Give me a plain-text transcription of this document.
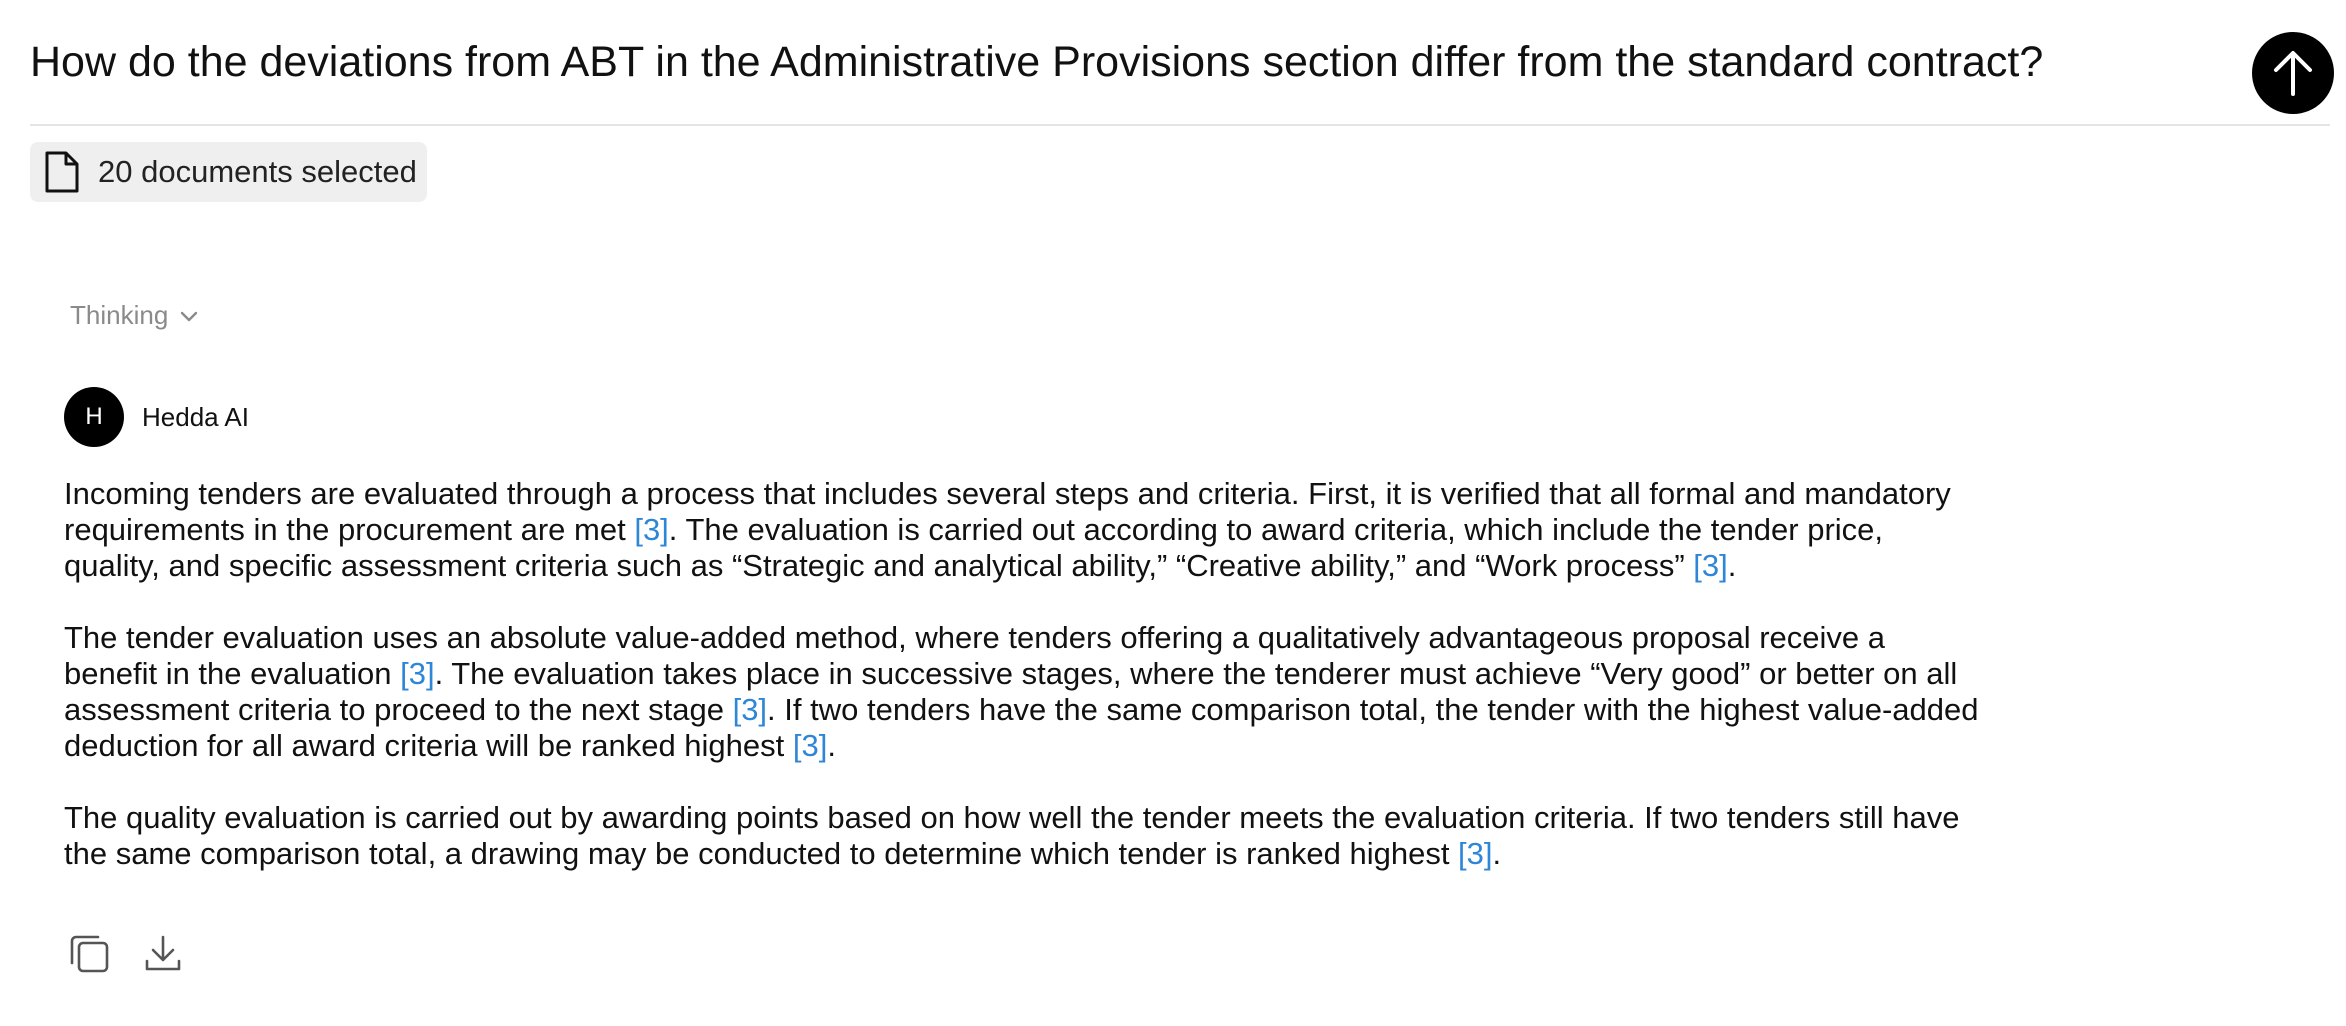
How do the deviations from ABT in the Administrative Provisions section differ from the standard contract?
20 documents selected
Thinking
H	Hedda AI

Incoming tenders are evaluated through a process that includes several steps and criteria. First, it is verified that all formal and mandatory requirements in the procurement are met [3]. The evaluation is carried out according to award criteria, which include the tender price, quality, and specific assessment criteria such as “Strategic and analytical ability,” “Creative ability,” and “Work process” [3].

The tender evaluation uses an absolute value-added method, where tenders offering a qualitatively advantageous proposal receive a benefit in the evaluation [3]. The evaluation takes place in successive stages, where the tenderer must achieve “Very good” or better on all assessment criteria to proceed to the next stage [3]. If two tenders have the same comparison total, the tender with the highest value-added deduction for all award criteria will be ranked highest [3].

The quality evaluation is carried out by awarding points based on how well the tender meets the evaluation criteria. If two tenders still have the same comparison total, a drawing may be conducted to determine which tender is ranked highest [3].
